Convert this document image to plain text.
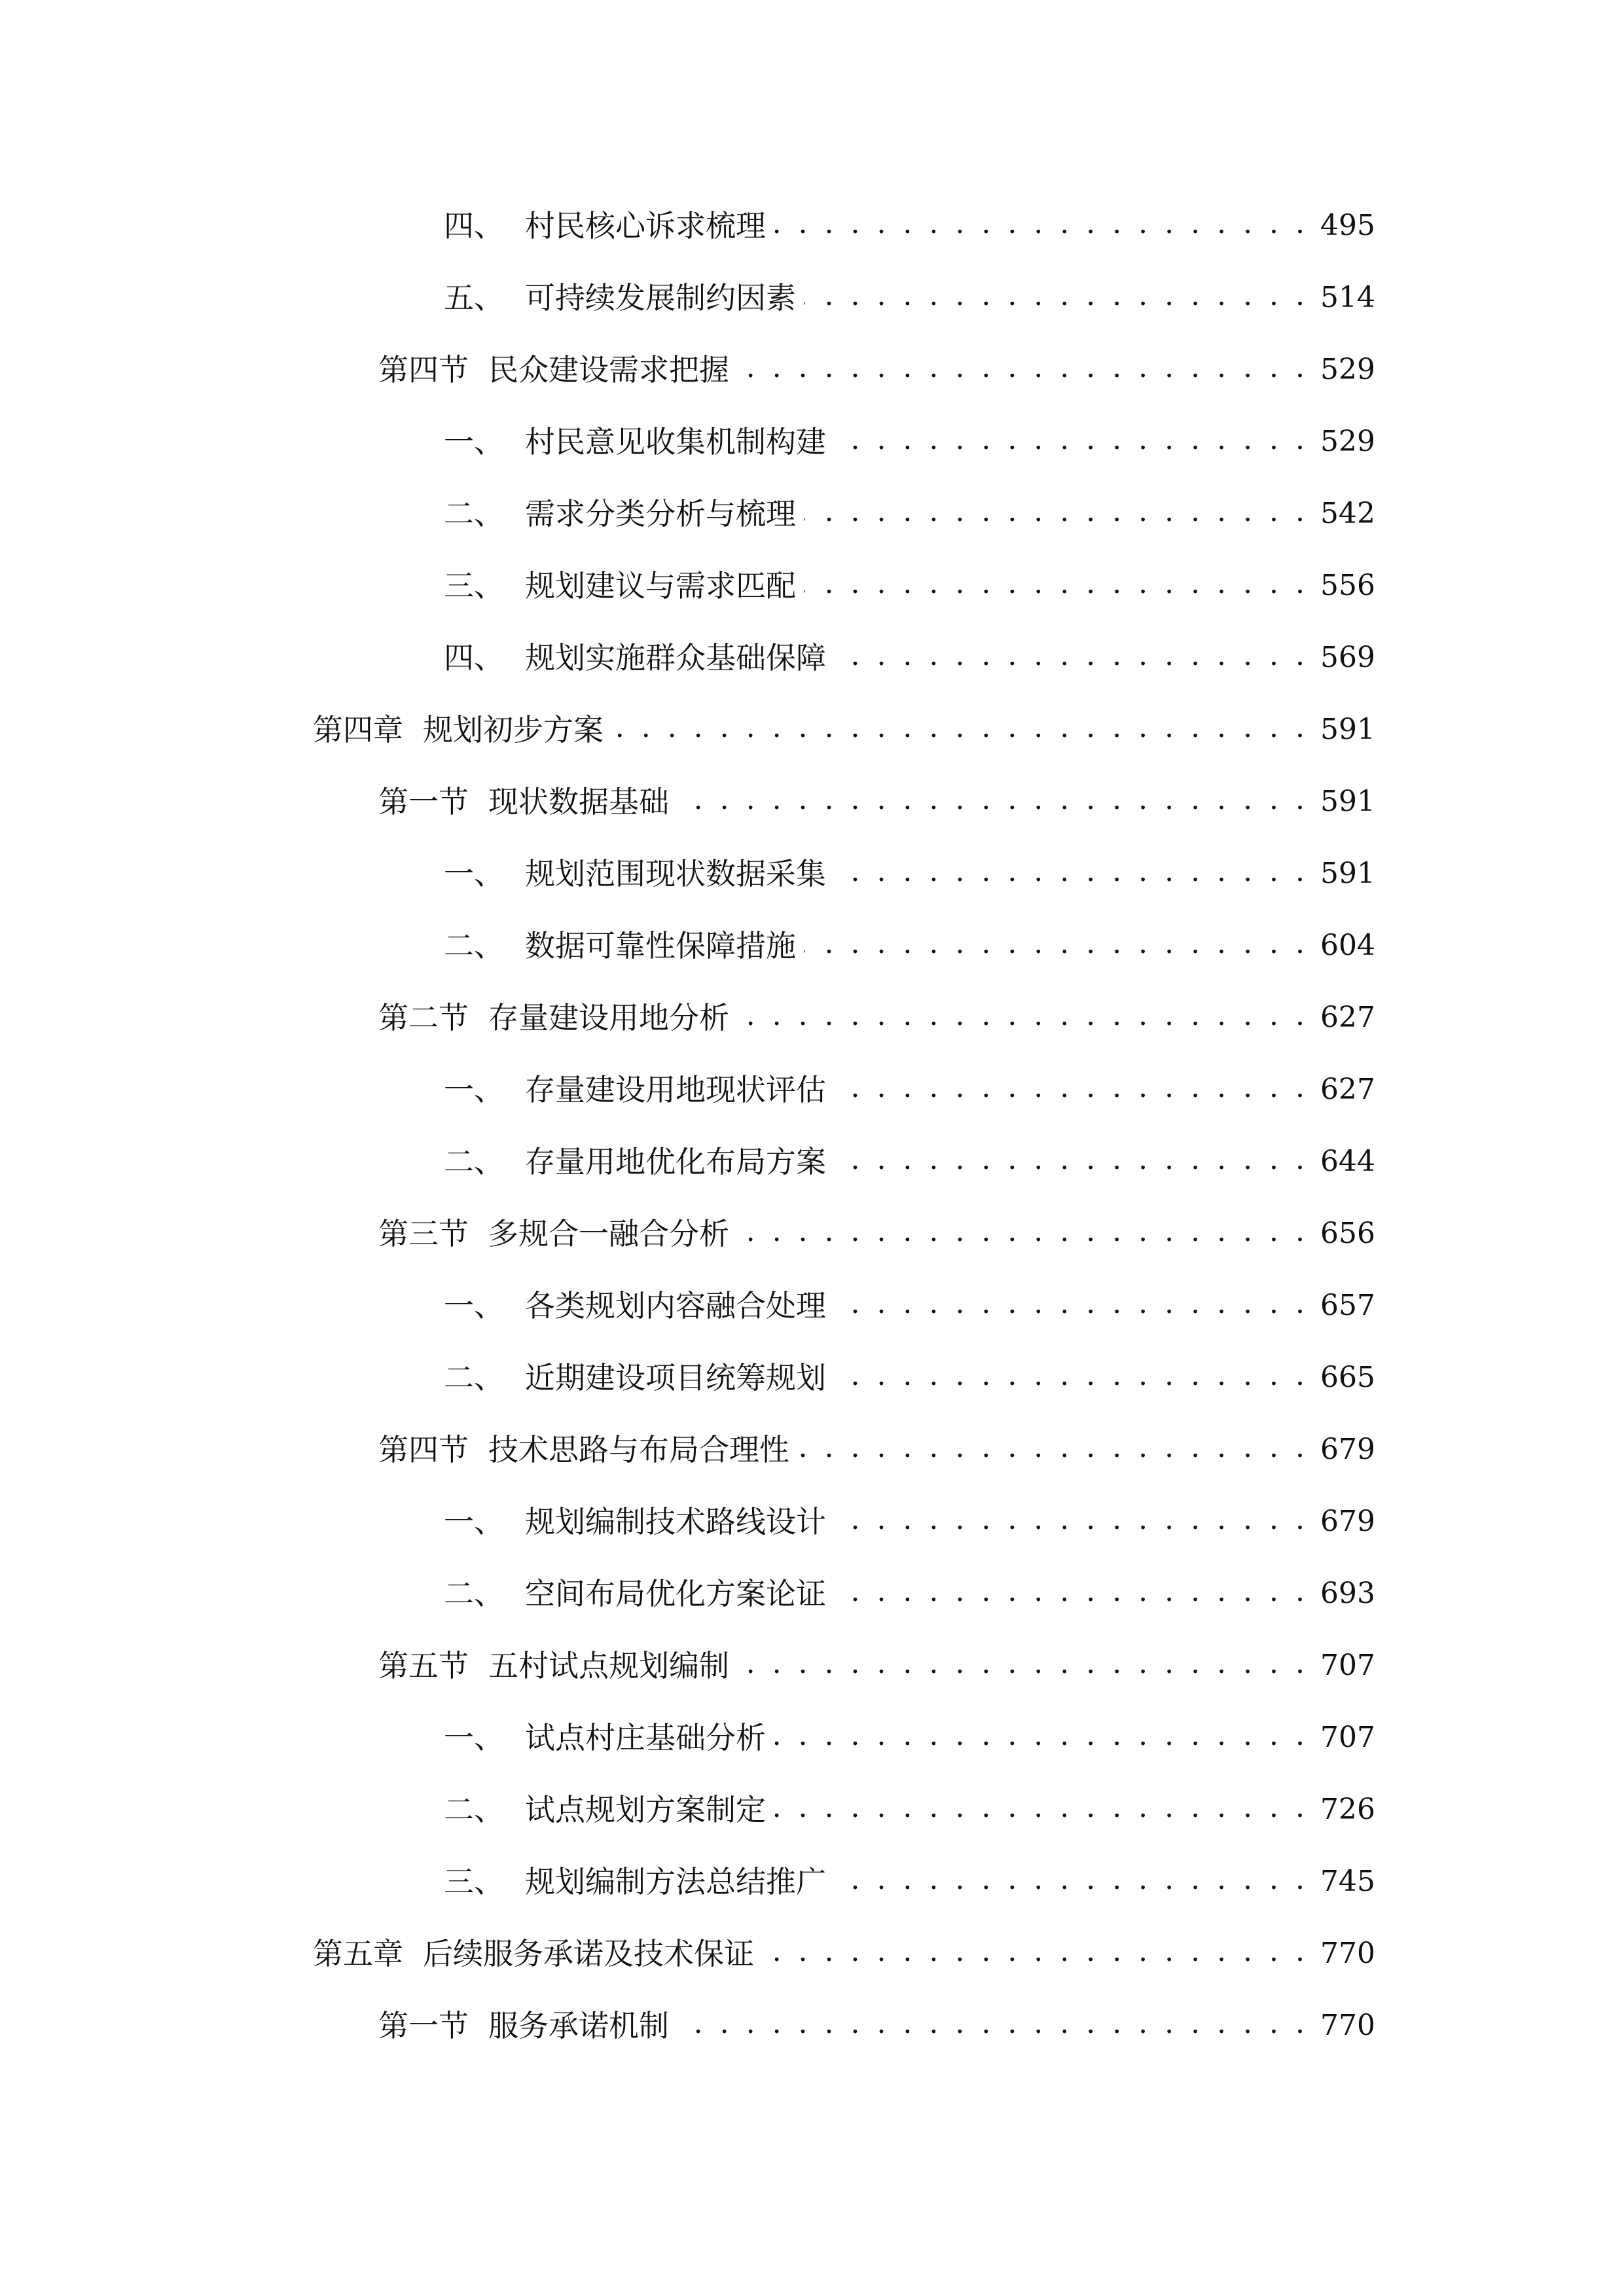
四、 村民核心诉求梳理 . . .	495
五、 可持续发展制约因素 . . .	514
第四节 民众建设需求把握 . . .	529
一、 村民意见收集机制构建 . . .	529
二、 需求分类分析与梳理 . . .	542
三、 规划建议与需求匹配 . . .	556
四、 规划实施群众基础保障 . . .	569
第四章 规划初步方案 . . .	591
第一节 现状数据基础 . . .	591
一、 规划范围现状数据采集 . . .	591
二、 数据可靠性保障措施 . . .	604
第二节 存量建设用地分析 . . .	627
一、 存量建设用地现状评估 . . .	627
二、 存量用地优化布局方案 . . .	644
第三节 多规合一融合分析 . . .	656
一、 各类规划内容融合处理 . . .	657
二、 近期建设项目统筹规划 . . .	665
第四节 技术思路与布局合理性 . . .	679
一、 规划编制技术路线设计 . . .	679
二、 空间布局优化方案论证 . . .	693
第五节 五村试点规划编制 . . .	707
一、 试点村庄基础分析 . . .	707
二、 试点规划方案制定 . . .	726
三、 规划编制方法总结推广 . . .	745
第五章 后续服务承诺及技术保证 . . .	770
第一节 服务承诺机制 . . .	770
